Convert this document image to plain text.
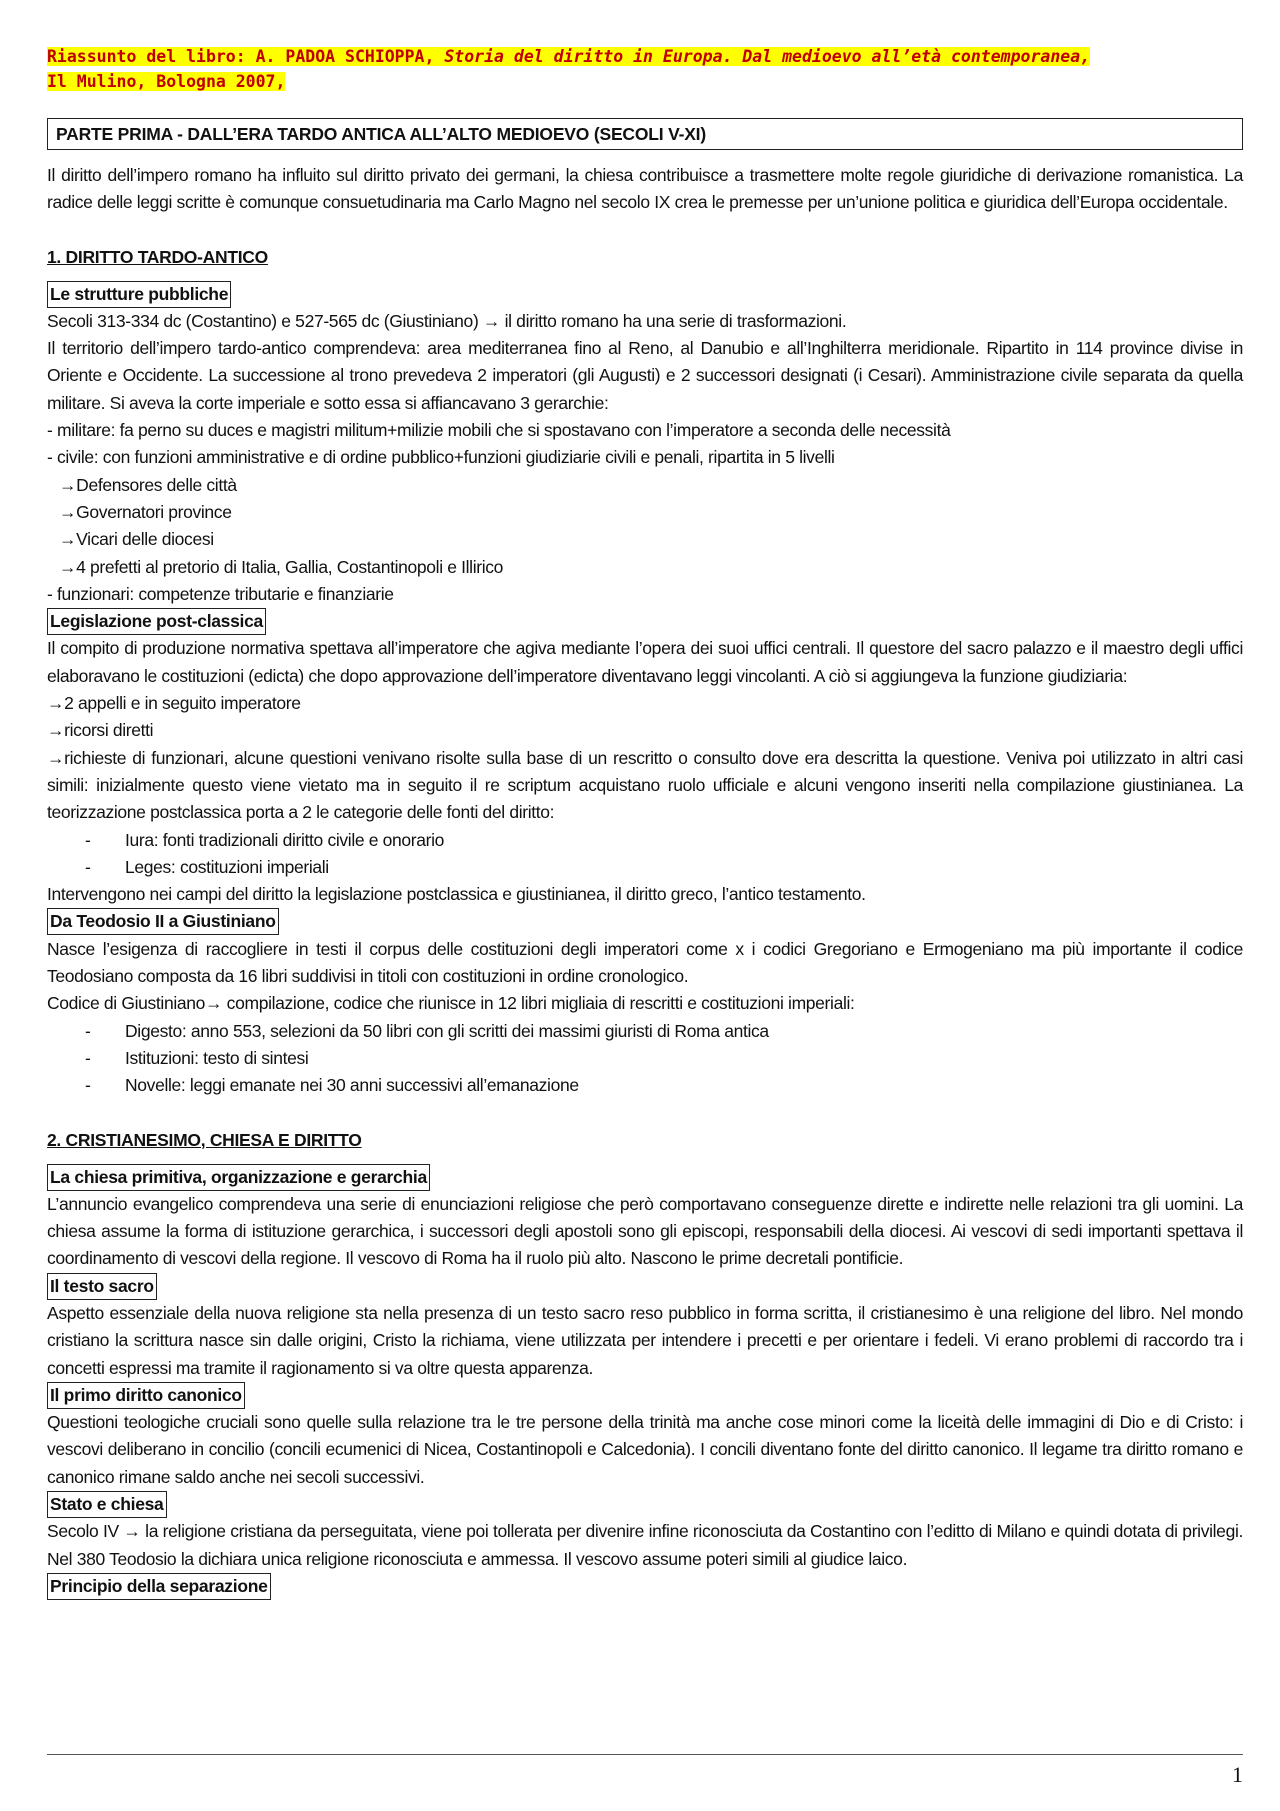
Riassunto del libro: A. PADOA SCHIOPPA, Storia del diritto in Europa. Dal medioevo all’età contemporanea,
Il Mulino, Bologna 2007,
PARTE PRIMA - DALL’ERA TARDO ANTICA ALL’ALTO MEDIOEVO (SECOLI V-XI)

Il diritto dell’impero romano ha influito sul diritto privato dei germani, la chiesa contribuisce a trasmettere molte regole giuridiche di derivazione romanistica. La radice delle leggi scritte è comunque consuetudinaria ma Carlo Magno nel secolo IX crea le premesse per un’unione politica e giuridica dell’Europa occidentale.

1. DIRITTO TARDO-ANTICO
Le strutture pubbliche

Secoli 313-334 dc (Costantino) e 527-565 dc (Giustiniano) → il diritto romano ha una serie di trasformazioni.

Il territorio dell’impero tardo-antico comprendeva: area mediterranea fino al Reno, al Danubio e all’Inghilterra meridionale. Ripartito in 114 province divise in Oriente e Occidente. La successione al trono prevedeva 2 imperatori (gli Augusti) e 2 successori designati (i Cesari). Amministrazione civile separata da quella militare. Si aveva la corte imperiale e sotto essa si affiancavano 3 gerarchie:

- militare: fa perno su duces e magistri militum+milizie mobili che si spostavano con l’imperatore a seconda delle necessità

- civile: con funzioni amministrative e di ordine pubblico+funzioni giudiziarie civili e penali, ripartita in 5 livelli

→Defensores delle città

→Governatori province

→Vicari delle diocesi

→4 prefetti al pretorio di Italia, Gallia, Costantinopoli e Illirico

- funzionari: competenze tributarie e finanziarie

Legislazione post-classica

Il compito di produzione normativa spettava all’imperatore che agiva mediante l’opera dei suoi uffici centrali. Il questore del sacro palazzo e il maestro degli uffici elaboravano le costituzioni (edicta) che dopo approvazione dell’imperatore diventavano leggi vincolanti. A ciò si aggiungeva la funzione giudiziaria:

→2 appelli e in seguito imperatore

→ricorsi diretti

→richieste di funzionari, alcune questioni venivano risolte sulla base di un rescritto o consulto dove era descritta la questione. Veniva poi utilizzato in altri casi simili: inizialmente questo viene vietato ma in seguito il re scriptum acquistano ruolo ufficiale e alcuni vengono inseriti nella compilazione giustinianea. La teorizzazione postclassica porta a 2 le categorie delle fonti del diritto:

- Iura: fonti tradizionali diritto civile e onorario

- Leges: costituzioni imperiali

Intervengono nei campi del diritto la legislazione postclassica e giustinianea, il diritto greco, l’antico testamento.

Da Teodosio II a Giustiniano

Nasce l’esigenza di raccogliere in testi il corpus delle costituzioni degli imperatori come x i codici Gregoriano e Ermogeniano ma più importante il codice Teodosiano composta da 16 libri suddivisi in titoli con costituzioni in ordine cronologico.

Codice di Giustiniano→ compilazione, codice che riunisce in 12 libri migliaia di rescritti e costituzioni imperiali:

- Digesto: anno 553, selezioni da 50 libri con gli scritti dei massimi giuristi di Roma antica

- Istituzioni: testo di sintesi

- Novelle: leggi emanate nei 30 anni successivi all’emanazione

2. CRISTIANESIMO, CHIESA E DIRITTO
La chiesa primitiva, organizzazione e gerarchia

L’annuncio evangelico comprendeva una serie di enunciazioni religiose che però comportavano conseguenze dirette e indirette nelle relazioni tra gli uomini. La chiesa assume la forma di istituzione gerarchica, i successori degli apostoli sono gli episcopi, responsabili della diocesi. Ai vescovi di sedi importanti spettava il coordinamento di vescovi della regione. Il vescovo di Roma ha il ruolo più alto. Nascono le prime decretali pontificie.

Il testo sacro

Aspetto essenziale della nuova religione sta nella presenza di un testo sacro reso pubblico in forma scritta, il cristianesimo è una religione del libro. Nel mondo cristiano la scrittura nasce sin dalle origini, Cristo la richiama, viene utilizzata per intendere i precetti e per orientare i fedeli. Vi erano problemi di raccordo tra i concetti espressi ma tramite il ragionamento si va oltre questa apparenza.

Il primo diritto canonico

Questioni teologiche cruciali sono quelle sulla relazione tra le tre persone della trinità ma anche cose minori come la liceità delle immagini di Dio e di Cristo: i vescovi deliberano in concilio (concili ecumenici di Nicea, Costantinopoli e Calcedonia). I concili diventano fonte del diritto canonico. Il legame tra diritto romano e canonico rimane saldo anche nei secoli successivi.

Stato e chiesa

Secolo IV → la religione cristiana da perseguitata, viene poi tollerata per divenire infine riconosciuta da Costantino con l’editto di Milano e quindi dotata di privilegi. Nel 380 Teodosio la dichiara unica religione riconosciuta e ammessa. Il vescovo assume poteri simili al giudice laico.

Principio della separazione
1
